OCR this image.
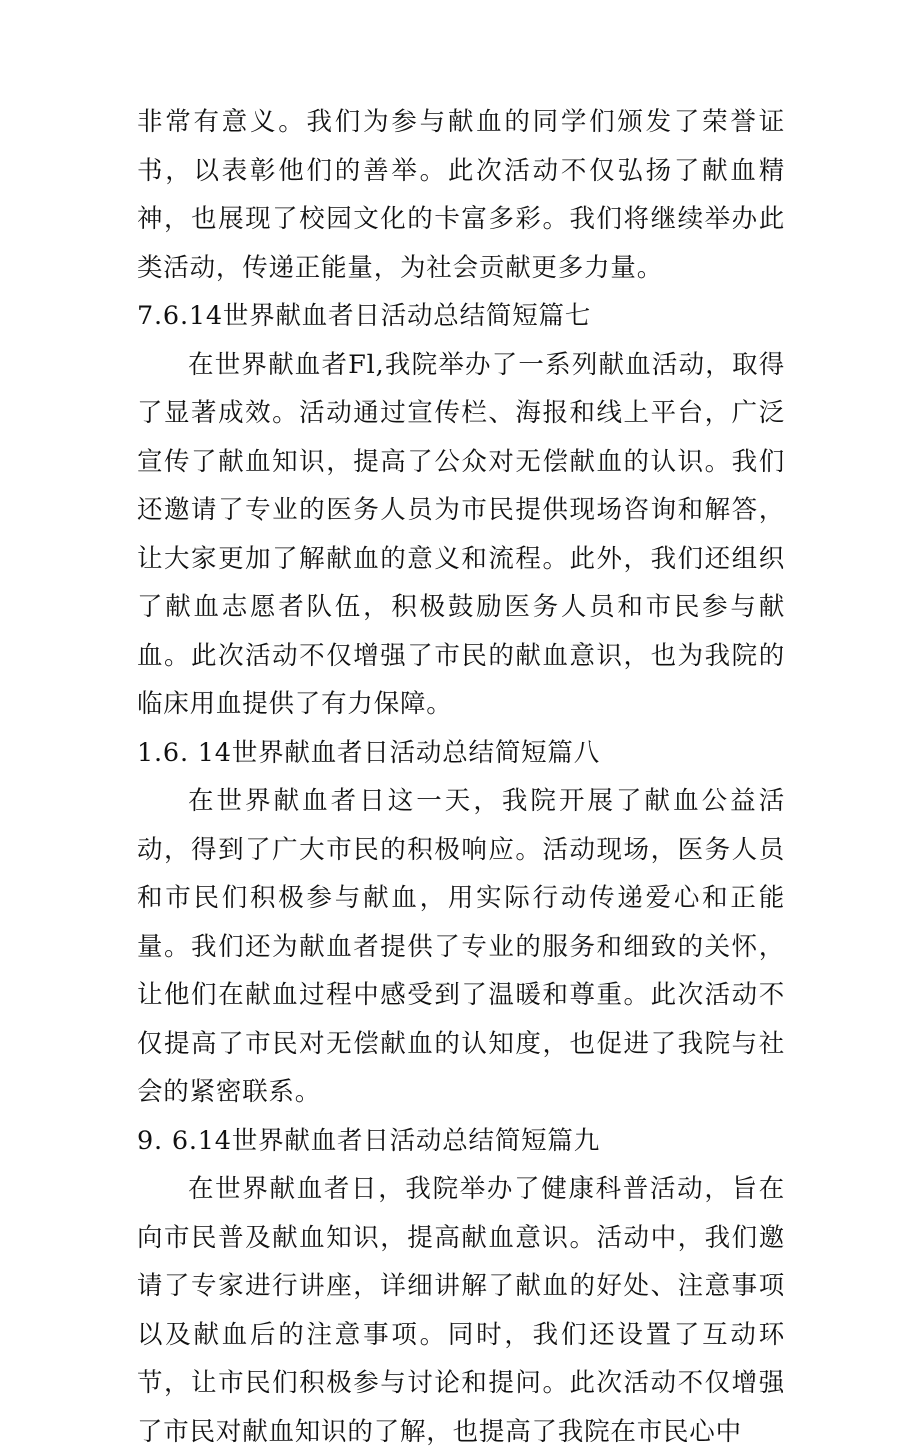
非常有意义。我们为参与献血的同学们颁发了荣誉证书，以表彰他们的善举。此次活动不仅弘扬了献血精神，也展现了校园文化的卡富多彩。我们将继续举办此类活动，传递正能量，为社会贡献更多力量。

7.6.14世界献血者日活动总结简短篇七

在世界献血者Fl,我院举办了一系列献血活动，取得了显著成效。活动通过宣传栏、海报和线上平台，广泛宣传了献血知识，提高了公众对无偿献血的认识。我们还邀请了专业的医务人员为市民提供现场咨询和解答，让大家更加了解献血的意义和流程。此外，我们还组织了献血志愿者队伍，积极鼓励医务人员和市民参与献血。此次活动不仅增强了市民的献血意识，也为我院的临床用血提供了有力保障。

1.6. 14世界献血者日活动总结简短篇八

在世界献血者日这一天，我院开展了献血公益活动，得到了广大市民的积极响应。活动现场，医务人员和市民们积极参与献血，用实际行动传递爱心和正能量。我们还为献血者提供了专业的服务和细致的关怀，让他们在献血过程中感受到了温暖和尊重。此次活动不仅提高了市民对无偿献血的认知度，也促进了我院与社会的紧密联系。

9. 6.14世界献血者日活动总结简短篇九

在世界献血者日，我院举办了健康科普活动，旨在向市民普及献血知识，提高献血意识。活动中，我们邀请了专家进行讲座，详细讲解了献血的好处、注意事项以及献血后的注意事项。同时，我们还设置了互动环节，让市民们积极参与讨论和提问。此次活动不仅增强了市民对献血知识的了解，也提高了我院在市民心中
